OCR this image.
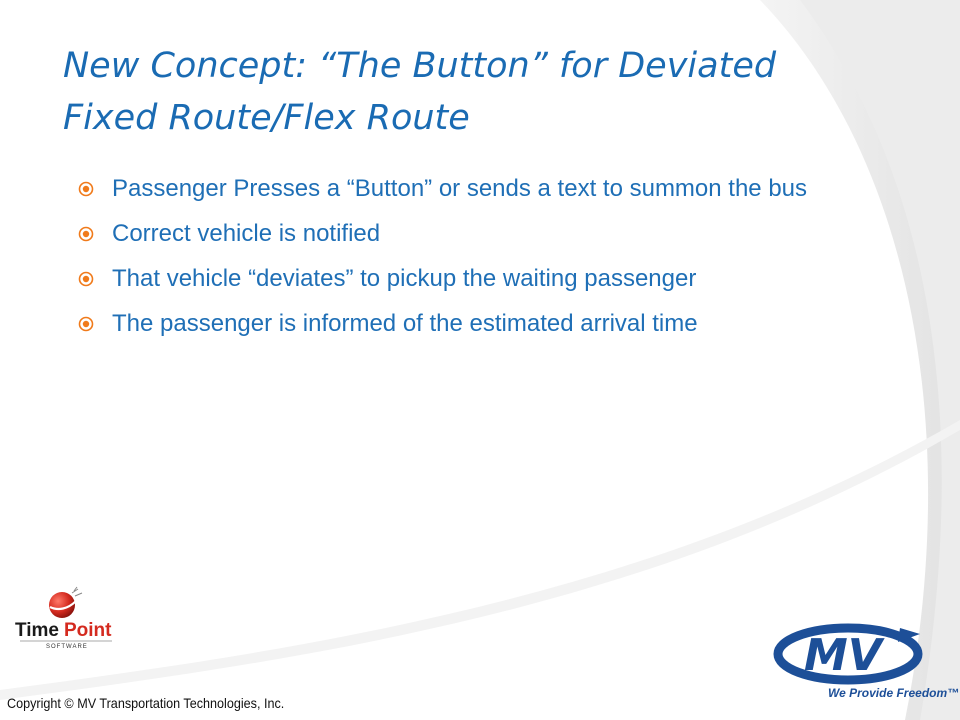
New Concept: “The Button” for Deviated
Fixed Route/Flex Route
Passenger Presses a “Button” or sends a text to summon the bus
Correct vehicle is notified
That vehicle “deviates” to pickup the waiting passenger
The passenger is informed of the estimated arrival time
Time Point
SOFTWARE
Copyright © MV Transportation Technologies, Inc.
MV
We Provide Freedom™
